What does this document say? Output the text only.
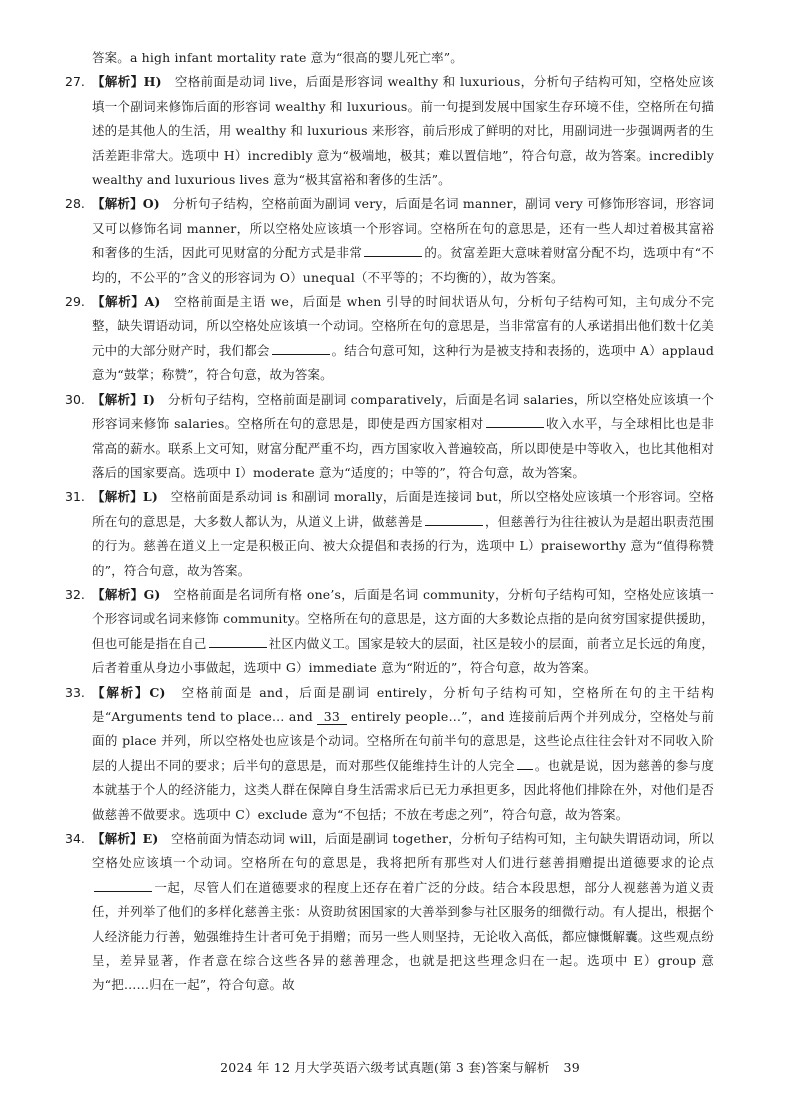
答案。a high infant mortality rate 意为“很高的婴儿死亡率”。

27. 【解析】H)　 空格前面是动词 live，后面是形容词 wealthy 和 luxurious，分析句子结构可知，空格处应该填一个副词来修饰后面的形容词 wealthy 和 luxurious。前一句提到发展中国家生存环境不佳，空格所在句描述的是其他人的生活，用 wealthy 和 luxurious 来形容，前后形成了鲜明的对比，用副词进一步强调两者的生活差距非常大。选项中 H）incredibly 意为“极端地，极其；难以置信地”，符合句意，故为答案。incredibly wealthy and luxurious lives 意为“极其富裕和奢侈的生活”。

28. 【解析】O)　 分析句子结构，空格前面为副词 very，后面是名词 manner，副词 very 可修饰形容词，形容词又可以修饰名词 manner，所以空格处应该填一个形容词。空格所在句的意思是，还有一些人却过着极其富裕和奢侈的生活，因此可见财富的分配方式是非常	的。贫富差距大意味着财富分配不均，选项中有“不均的，不公平的”含义的形容词为 O）unequal（不平等的；不均衡的），故为答案。

29. 【解析】A)　 空格前面是主语 we，后面是 when 引导的时间状语从句，分析句子结构可知，主句成分不完整，缺失谓语动词，所以空格处应该填一个动词。空格所在句的意思是，当非常富有的人承诺捐出他们数十亿美元中的大部分财产时，我们都会	。结合句意可知，这种行为是被支持和表扬的，选项中 A）applaud 意为“鼓掌；称赞”，符合句意，故为答案。

30. 【解析】I)　 分析句子结构，空格前面是副词 comparatively，后面是名词 salaries，所以空格处应该填一个形容词来修饰 salaries。空格所在句的意思是，即使是西方国家相对	收入水平，与全球相比也是非常高的薪水。联系上文可知，财富分配严重不均，西方国家收入普遍较高，所以即使是中等收入，也比其他相对落后的国家要高。选项中 I）moderate 意为“适度的；中等的”，符合句意，故为答案。

31. 【解析】L)　 空格前面是系动词 is 和副词 morally，后面是连接词 but，所以空格处应该填一个形容词。空格所在句的意思是，大多数人都认为，从道义上讲，做慈善是	，但慈善行为往往被认为是超出职责范围的行为。慈善在道义上一定是积极正向、被大众提倡和表扬的行为，选项中 L）praiseworthy 意为“值得称赞的”，符合句意，故为答案。

32. 【解析】G)　 空格前面是名词所有格 one’s，后面是名词 community，分析句子结构可知，空格处应该填一个形容词或名词来修饰 community。空格所在句的意思是，这方面的大多数论点指的是向贫穷国家提供援助，但也可能是指在自己	社区内做义工。国家是较大的层面，社区是较小的层面，前者立足长远的角度，后者着重从身边小事做起，选项中 G）immediate 意为“附近的”，符合句意，故为答案。

33. 【解析】C)　 空格前面是 and，后面是副词 entirely，分析句子结构可知，空格所在句的主干结构是“Arguments tend to place… and 33 entirely people…”，and 连接前后两个并列成分，空格处与前面的 place 并列，所以空格处也应该是个动词。空格所在句前半句的意思是，这些论点往往会针对不同收入阶层的人提出不同的要求；后半句的意思是，而对那些仅能维持生计的人完全 。也就是说，因为慈善的参与度本就基于个人的经济能力，这类人群在保障自身生活需求后已无力承担更多，因此将他们排除在外，对他们是否做慈善不做要求。选项中 C）exclude 意为“不包括；不放在考虑之列”，符合句意，故为答案。

34. 【解析】E)　 空格前面为情态动词 will，后面是副词 together，分析句子结构可知，主句缺失谓语动词，所以空格处应该填一个动词。空格所在句的意思是，我将把所有那些对人们进行慈善捐赠提出道德要求的论点一起，尽管人们在道德要求的程度上还存在着广泛的分歧。结合本段思想，部分人视慈善为道义责任，并列举了他们的多样化慈善主张：从资助贫困国家的大善举到参与社区服务的细微行动。有人提出，根据个人经济能力行善，勉强维持生计者可免于捐赠；而另一些人则坚持，无论收入高低，都应慷慨解囊。这些观点纷呈，差异显著，作者意在综合这些各异的慈善理念，也就是把这些理念归在一起。选项中 E）group 意为“把……归在一起”，符合句意。故

2024 年 12 月大学英语六级考试真题(第 3 套)答案与解析 39
